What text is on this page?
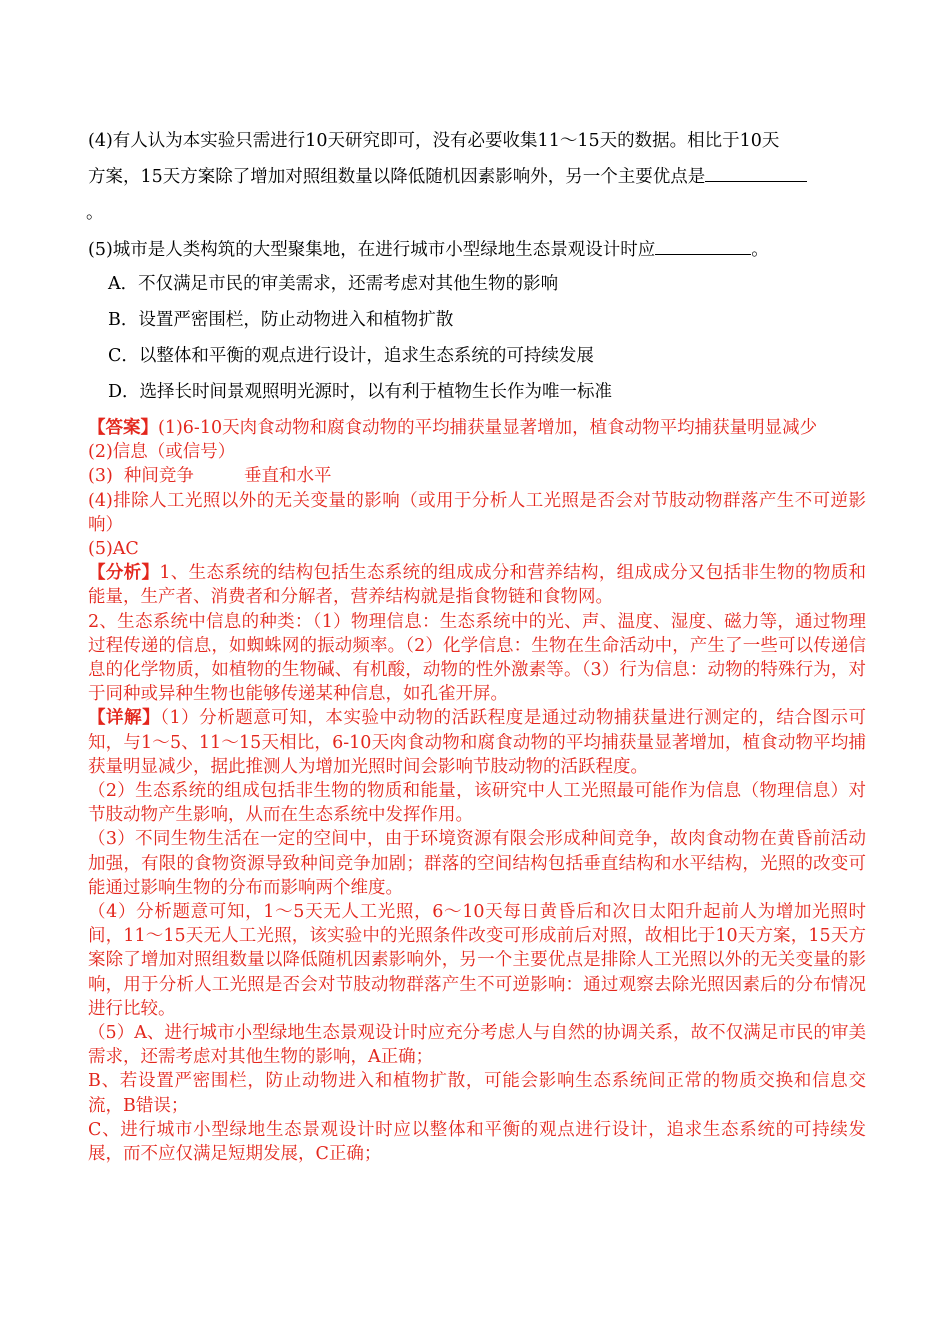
(4)有人认为本实验只需进行10天研究即可，没有必要收集11～15天的数据。相比于10天
方案，15天方案除了增加对照组数量以降低随机因素影响外，另一个主要优点是
。
(5)城市是人类构筑的大型聚集地，在进行城市小型绿地生态景观设计时应	。
A．不仅满足市民的审美需求，还需考虑对其他生物的影响
B．设置严密围栏，防止动物进入和植物扩散
C．以整体和平衡的观点进行设计，追求生态系统的可持续发展
D．选择长时间景观照明光源时，以有利于植物生长作为唯一标准
【答案】(1)6-10天肉食动物和腐食动物的平均捕获量显著增加，植食动物平均捕获量明显减少
(2)信息（或信号）
(3)  种间竞争         垂直和水平
(4)排除人工光照以外的无关变量的影响（或用于分析人工光照是否会对节肢动物群落产生不可逆影响）
(5)AC
【分析】1、生态系统的结构包括生态系统的组成成分和营养结构，组成成分又包括非生物的物质和能量，生产者、消费者和分解者，营养结构就是指食物链和食物网。
2、生态系统中信息的种类：（1）物理信息：生态系统中的光、声、温度、湿度、磁力等，通过物理过程传递的信息，如蜘蛛网的振动频率。（2）化学信息：生物在生命活动中，产生了一些可以传递信息的化学物质，如植物的生物碱、有机酸，动物的性外激素等。（3）行为信息：动物的特殊行为，对于同种或异种生物也能够传递某种信息，如孔雀开屏。
【详解】（1）分析题意可知，本实验中动物的活跃程度是通过动物捕获量进行测定的，结合图示可知，与1～5、11～15天相比，6-10天肉食动物和腐食动物的平均捕获量显著增加，植食动物平均捕获量明显减少，据此推测人为增加光照时间会影响节肢动物的活跃程度。
（2）生态系统的组成包括非生物的物质和能量，该研究中人工光照最可能作为信息（物理信息）对节肢动物产生影响，从而在生态系统中发挥作用。
（3）不同生物生活在一定的空间中，由于环境资源有限会形成种间竞争，故肉食动物在黄昏前活动加强，有限的食物资源导致种间竞争加剧；群落的空间结构包括垂直结构和水平结构，光照的改变可能通过影响生物的分布而影响两个维度。
（4）分析题意可知，1～5天无人工光照，6～10天每日黄昏后和次日太阳升起前人为增加光照时间，11～15天无人工光照，该实验中的光照条件改变可形成前后对照，故相比于10天方案，15天方案除了增加对照组数量以降低随机因素影响外，另一个主要优点是排除人工光照以外的无关变量的影响，用于分析人工光照是否会对节肢动物群落产生不可逆影响：通过观察去除光照因素后的分布情况进行比较。
（5）A、进行城市小型绿地生态景观设计时应充分考虑人与自然的协调关系，故不仅满足市民的审美需求，还需考虑对其他生物的影响，A正确；
B、若设置严密围栏，防止动物进入和植物扩散，可能会影响生态系统间正常的物质交换和信息交流，B错误；
C、进行城市小型绿地生态景观设计时应以整体和平衡的观点进行设计，追求生态系统的可持续发展，而不应仅满足短期发展，C正确；
